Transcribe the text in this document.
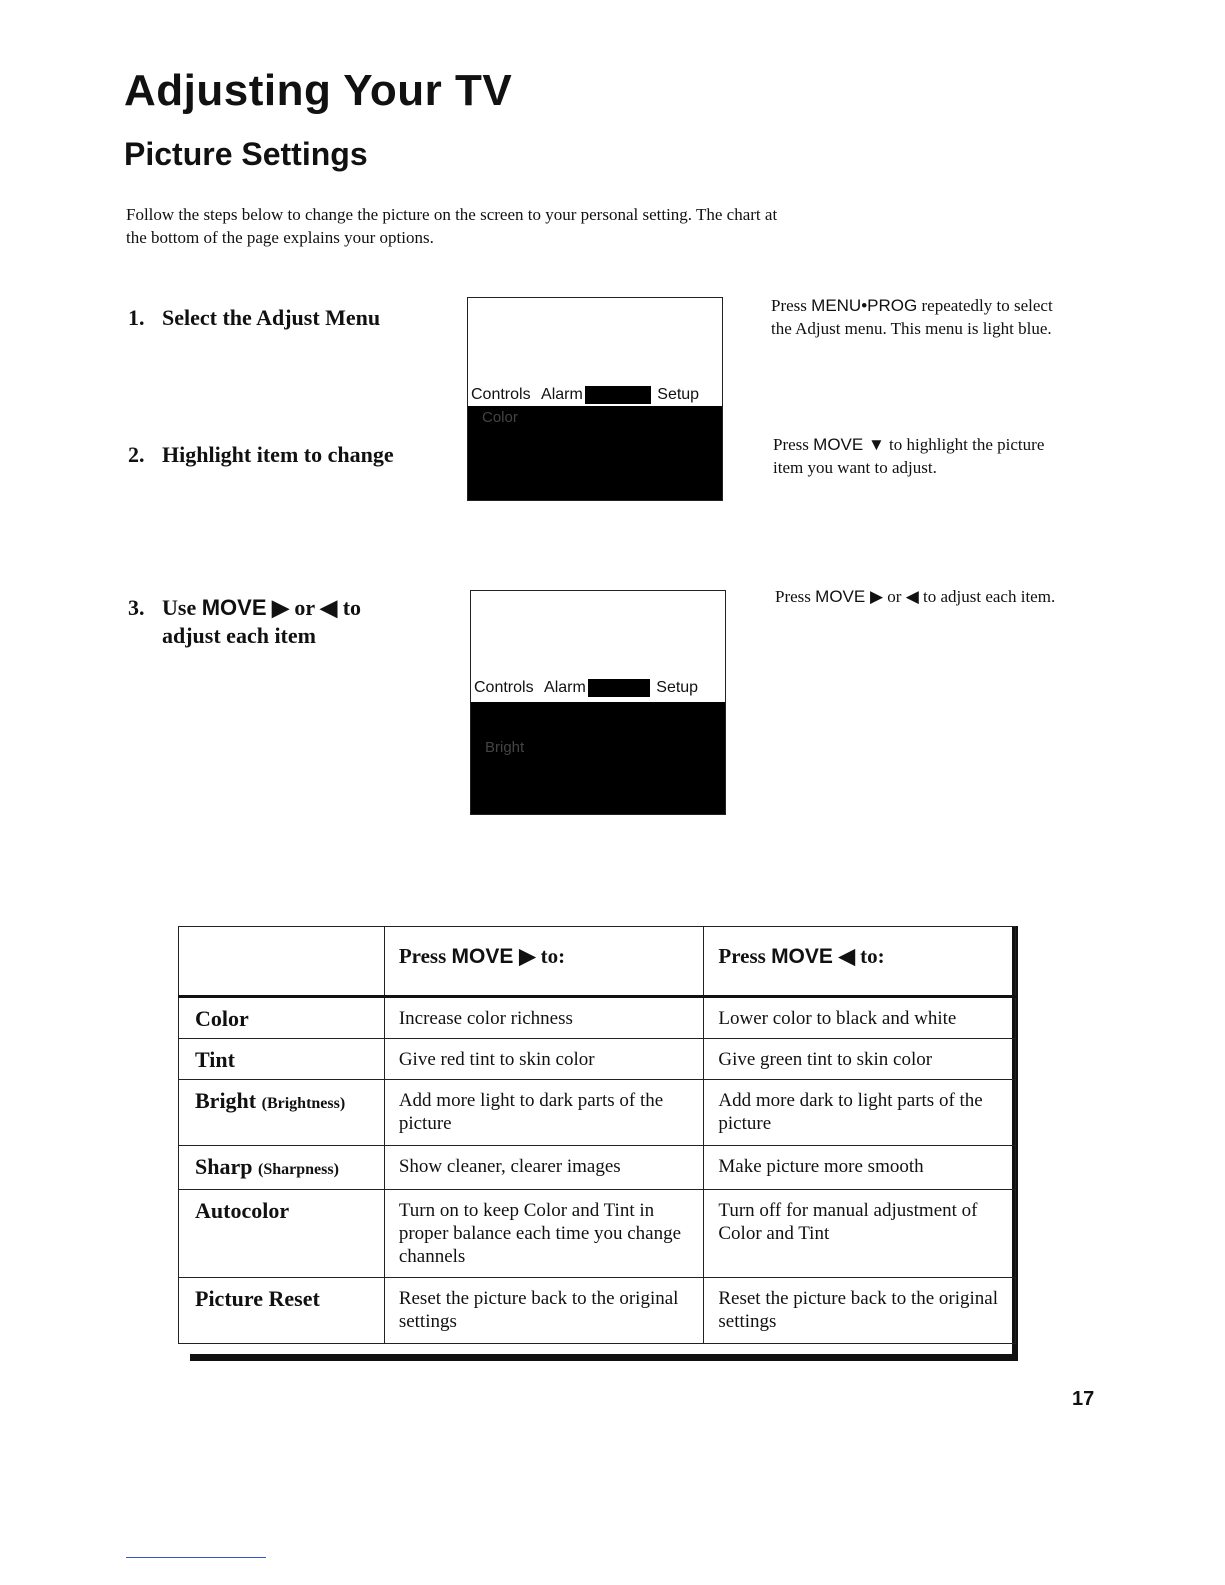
Adjusting Your TV
Picture Settings
Follow the steps below to change the picture on the screen to your personal setting. The chart at the bottom of the page explains your options.
1. Select the Adjust Menu
2. Highlight item to change
3. Use MOVE ▶ or ◀ to
adjust each item
Controls Alarm	Setup
Color
Controls Alarm	Setup
Bright
Press MENU•PROG repeatedly to select the Adjust menu. This menu is light blue.
Press MOVE ▼ to highlight the picture item you want to adjust.
Press MOVE ▶ or ◀ to adjust each item.
	Press MOVE ▶ to:	Press MOVE ◀ to:
Color	Increase color richness	Lower color to black and white
Tint	Give red tint to skin color	Give green tint to skin color
Bright (Brightness)	Add more light to dark parts of the picture	Add more dark to light parts of the picture
Sharp (Sharpness)	Show cleaner, clearer images	Make picture more smooth
Autocolor	Turn on to keep Color and Tint in proper balance each time you change channels	Turn off for manual adjustment of Color and Tint
Picture Reset	Reset the picture back to the original settings	Reset the picture back to the original settings
17
